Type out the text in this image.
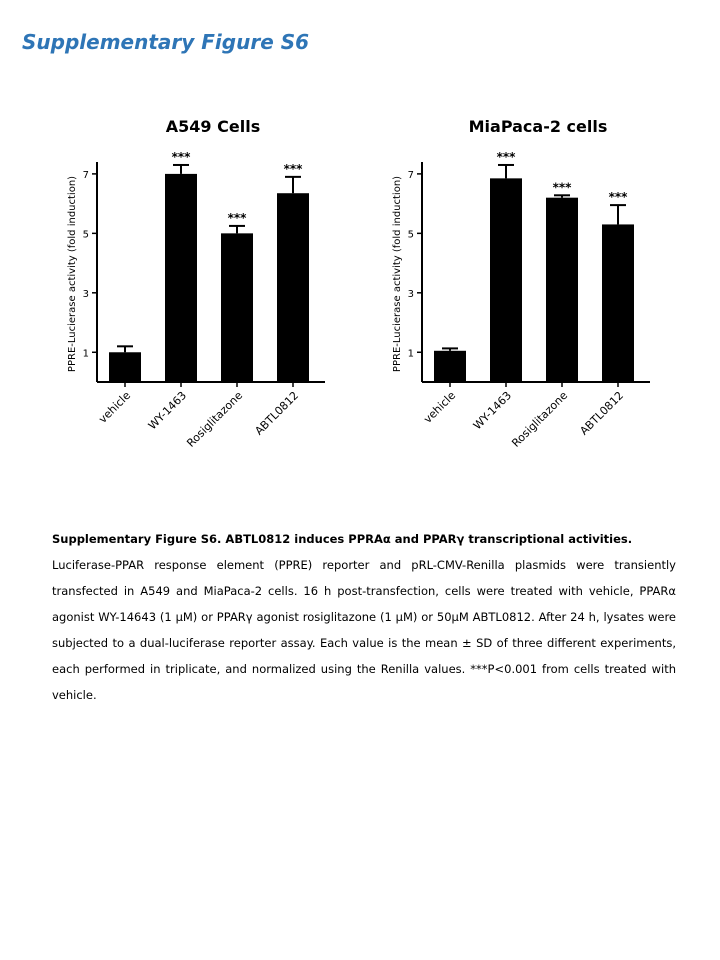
Supplementary Figure S6
A549 Cells
PPRE-Lucierase activity (fold induction) 1
3
5
7
vehicle WY-1463
***
Rosiglitazone
***
ABTL0812
***
MiaPaca-2 cells
PPRE-Lucierase activity (fold induction) 1
3
5
7
vehicle WY-1463
***
Rosiglitazone
***
ABTL0812
***

Supplementary Figure S6. ABTL0812 induces PPRAα and PPARγ transcriptional activities.

Luciferase-PPAR response element (PPRE) reporter and pRL-CMV-Renilla plasmids were transiently transfected in A549 and MiaPaca-2 cells. 16 h post-transfection, cells were treated with vehicle, PPARα agonist WY-14643 (1 μM) or PPARγ agonist rosiglitazone (1 μM) or 50μM ABTL0812. After 24 h, lysates were subjected to a dual-luciferase reporter assay. Each value is the mean ± SD of three different experiments, each performed in triplicate, and normalized using the Renilla values. ***P<0.001 from cells treated with vehicle.
